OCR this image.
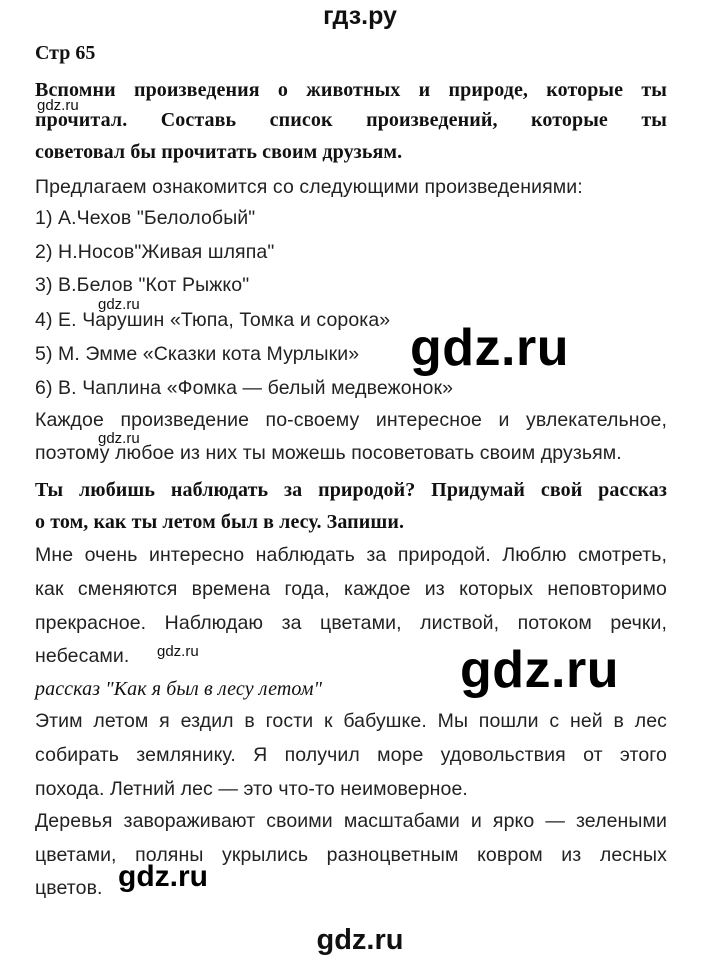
гдз.ру
Стр 65
Вспомни произведения о животных и природе, которые ты
прочитал. Составь список произведений, которые ты
советовал бы прочитать своим друзьям.
Предлагаем ознакомится со следующими произведениями:
1) А.Чехов "Белолобый"
2) Н.Носов"Живая шляпа"
3) В.Белов "Кот Рыжко"
4) Е. Чарушин «Тюпа, Томка и сорока»
5) М. Эмме «Сказки кота Мурлыки»
6) В. Чаплина «Фомка — белый медвежонок»
Каждое произведение по-своему интересное и увлекательное,
поэтому любое из них ты можешь посоветовать своим друзьям.
Ты любишь наблюдать за природой? Придумай свой рассказ
о том, как ты летом был в лесу. Запиши.
Мне очень интересно наблюдать за природой. Люблю смотреть,
как сменяются времена года, каждое из которых неповторимо
прекрасное. Наблюдаю за цветами, листвой, потоком речки,
небесами.
рассказ "Как я был в лесу летом"
Этим летом я ездил в гости к бабушке. Мы пошли с ней в лес
собирать землянику. Я получил море удовольствия от этого
похода. Летний лес — это что-то неимоверное.
Деревья завораживают своими масштабами и ярко — зелеными
цветами, поляны укрылись разноцветным ковром из лесных
цветов.
gdz.ru
gdz.ru
gdz.ru
gdz.ru
gdz.ru
gdz.ru
gdz.ru
gdz.ru
